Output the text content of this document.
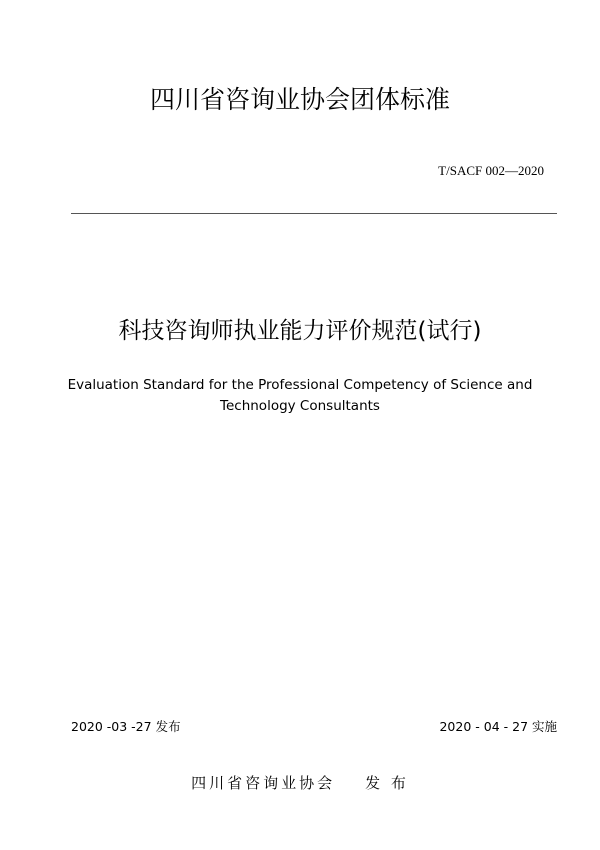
四川省咨询业协会团体标准
T/SACF 002—2020
科技咨询师执业能力评价规范(试行)
Evaluation Standard for the Professional Competency of Science and
Technology Consultants
2020 -03 -27 发布	2020 - 04 - 27 实施
四川省咨询业协会 发 布
